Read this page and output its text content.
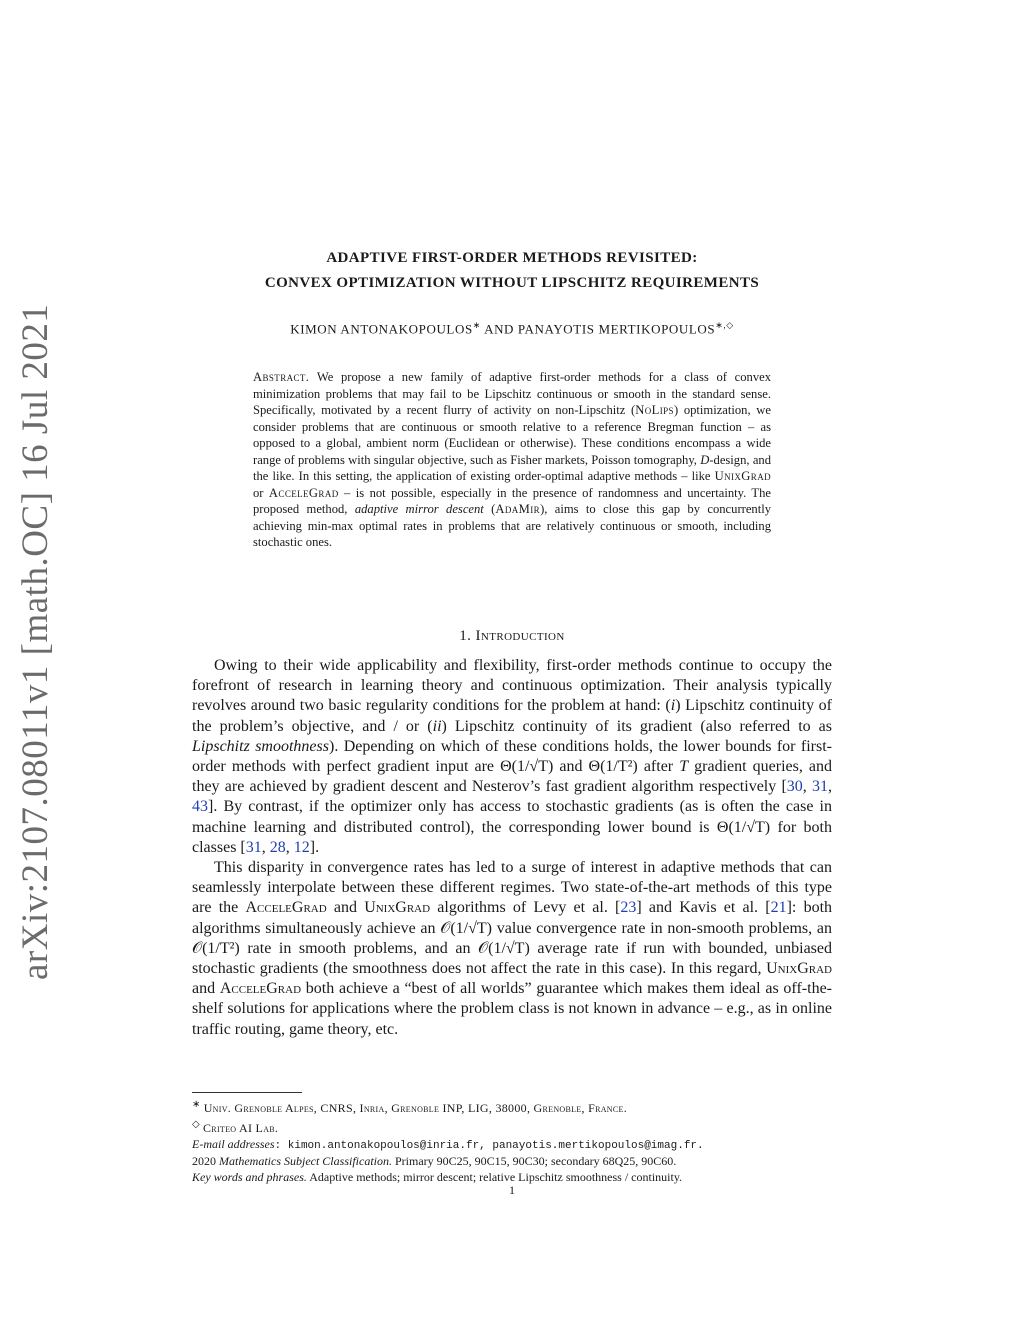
arXiv:2107.08011v1 [math.OC] 16 Jul 2021
ADAPTIVE FIRST-ORDER METHODS REVISITED:
CONVEX OPTIMIZATION WITHOUT LIPSCHITZ REQUIREMENTS
KIMON ANTONAKOPOULOS∗ AND PANAYOTIS MERTIKOPOULOS∗,◇
Abstract. We propose a new family of adaptive first-order methods for a class of convex minimization problems that may fail to be Lipschitz continuous or smooth in the standard sense. Specifically, motivated by a recent flurry of activity on non-Lipschitz (NoLips) optimization, we consider problems that are continuous or smooth relative to a reference Bregman function – as opposed to a global, ambient norm (Euclidean or otherwise). These conditions encompass a wide range of problems with singular objective, such as Fisher markets, Poisson tomography, D-design, and the like. In this setting, the application of existing order-optimal adaptive methods – like UnixGrad or AcceleGrad – is not possible, especially in the presence of randomness and uncertainty. The proposed method, adaptive mirror descent (AdaMir), aims to close this gap by concurrently achieving min-max optimal rates in problems that are relatively continuous or smooth, including stochastic ones.
1. Introduction

Owing to their wide applicability and flexibility, first-order methods continue to occupy the forefront of research in learning theory and continuous optimization. Their analysis typically revolves around two basic regularity conditions for the problem at hand: (i) Lipschitz continuity of the problem’s objective, and / or (ii) Lipschitz continuity of its gradient (also referred to as Lipschitz smoothness). Depending on which of these conditions holds, the lower bounds for first-order methods with perfect gradient input are Θ(1/√T) and Θ(1/T²) after T gradient queries, and they are achieved by gradient descent and Nesterov’s fast gradient algorithm respectively [30, 31, 43]. By contrast, if the optimizer only has access to stochastic gradients (as is often the case in machine learning and distributed control), the corresponding lower bound is Θ(1/√T) for both classes [31, 28, 12].

This disparity in convergence rates has led to a surge of interest in adaptive methods that can seamlessly interpolate between these different regimes. Two state-of-the-art methods of this type are the AcceleGrad and UnixGrad algorithms of Levy et al. [23] and Kavis et al. [21]: both algorithms simultaneously achieve an 𝒪(1/√T) value convergence rate in non-smooth problems, an 𝒪(1/T²) rate in smooth problems, and an 𝒪(1/√T) average rate if run with bounded, unbiased stochastic gradients (the smoothness does not affect the rate in this case). In this regard, UnixGrad and AcceleGrad both achieve a “best of all worlds” guarantee which makes them ideal as off-the-shelf solutions for applications where the problem class is not known in advance – e.g., as in online traffic routing, game theory, etc.

∗ Univ. Grenoble Alpes, CNRS, Inria, Grenoble INP, LIG, 38000, Grenoble, France.
◇ Criteo AI Lab.
E-mail addresses: kimon.antonakopoulos@inria.fr, panayotis.mertikopoulos@imag.fr.
2020 Mathematics Subject Classification. Primary 90C25, 90C15, 90C30; secondary 68Q25, 90C60.
Key words and phrases. Adaptive methods; mirror descent; relative Lipschitz smoothness / continuity.
1
